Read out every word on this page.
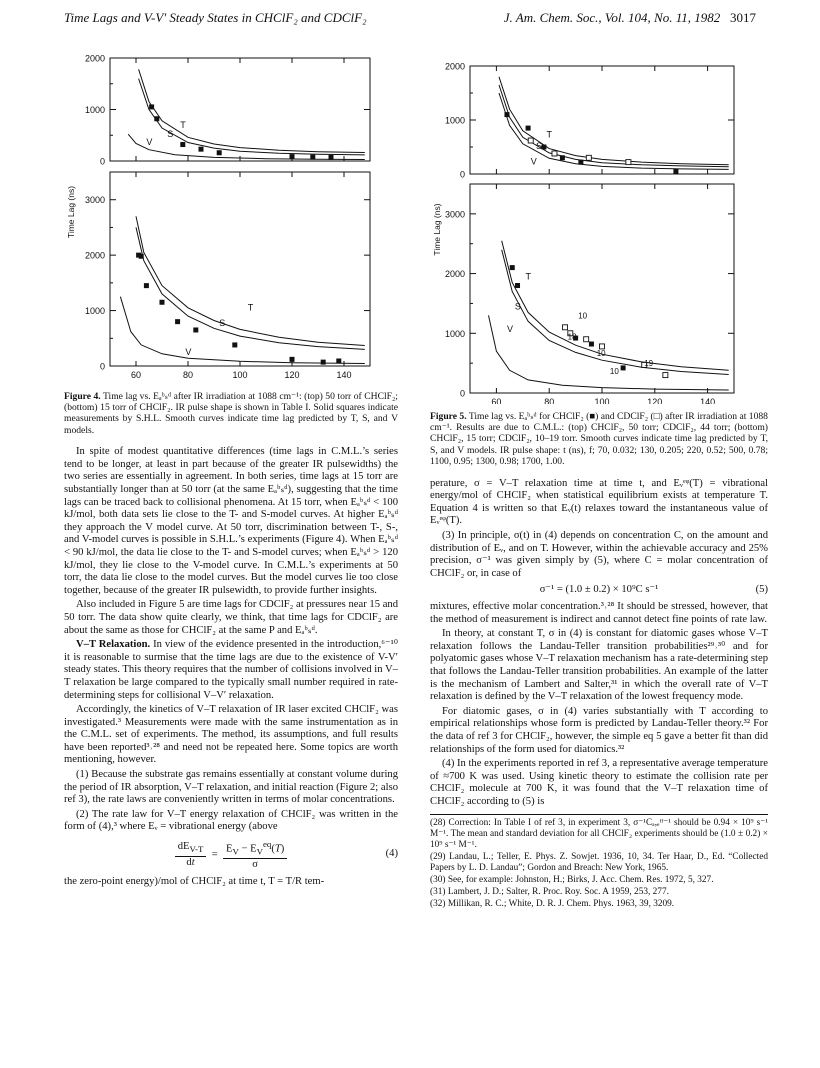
Time Lags and V-V′ Steady States in CHClF₂ and CDClF₂	J. Am. Chem. Soc., Vol. 104, No. 11, 1982 3017
2000
1000
0
T
S
V
3000
2000
1000
0
T
S
V
60	80	100	120	140
Time Lag (ns)
Figure 4. Time lag vs. Eₐᵇₛᵈ after IR irradiation at 1088 cm⁻¹: (top) 50 torr of CHClF₂; (bottom) 15 torr of CHClF₂. IR pulse shape is shown in Table I. Solid squares indicate measurements by S.H.L. Smooth curves indicate time lag predicted by T, S, and V models.

In spite of modest quantitative differences (time lags in C.M.L.’s series tend to be longer, at least in part because of the greater IR pulsewidths) the two series are essentially in agreement. In both series, time lags at 15 torr are substantially longer than at 50 torr (at the same Eₐᵇₛᵈ), suggesting that the time lags can be traced back to collisional phenomena. At 15 torr, when Eₐᵇₛᵈ < 100 kJ/mol, both data sets lie close to the T- and S-model curves. At higher Eₐᵇₛᵈ they approach the V model curve. At 50 torr, discrimination between T-, S-, and V-model curves is possible in S.H.L.’s experiments (Figure 4). When Eₐᵇₛᵈ < 90 kJ/mol, the data lie close to the T- and S-model curves; when Eₐᵇₛᵈ > 120 kJ/mol, they lie close to the V-model curve. In C.M.L.’s experiments at 50 torr, the data lie close to the model curves. But the model curves lie too close together, because of the greater IR pulsewidth, to provide further insights.

Also included in Figure 5 are time lags for CDClF₂ at pressures near 15 and 50 torr. The data show quite clearly, we think, that time lags for CDClF₂ are about the same as those for CHClF₂ at the same P and Eₐᵇₛᵈ.

V–T Relaxation. In view of the evidence presented in the introduction,⁶⁻¹⁰ it is reasonable to surmise that the time lags are due to the existence of V-V′ steady states. This theory requires that the number of collisions involved in V–T relaxation be large compared to the typically small number required in rate-determining steps for collisional V–V′ relaxation.

Accordingly, the kinetics of V–T relaxation of IR laser excited CHClF₂ was investigated.³ Measurements were made with the same instrumentation as in the C.M.L. set of experiments. The method, its assumptions, and full results have been reported³˒²⁸ and need not be repeated here. Some topics are worth mentioning, however.

(1) Because the substrate gas remains essentially at constant volume during the period of IR absorption, V–T relaxation, and initial reaction (Figure 2; also ref 3), the rate laws are conveniently written in terms of molar concentrations.

(2) The rate law for V–T energy relaxation of CHClF₂ was written in the form of (4),³ where Eᵥ = vibrational energy (above

$\frac{dE_{V-T}}{dt} = \frac{E_V - E_V^{eq}(T)}{\sigma}$	(4)

the zero-point energy)/mol of CHClF₂ at time t, T = T/R tem-

2000
1000
0
T
S
V
3000
2000
1000
0
T
S
V
10
18
10
10
19
60	80	100	120	140
Time Lag (ns)
Figure 5. Time lag vs. Eₐᵇₛᵈ for CHClF₂ (■) and CDClF₂ (□) after IR irradiation at 1088 cm⁻¹. Results are due to C.M.L.: (top) CHClF₂, 50 torr; CDClF₂, 44 torr; (bottom) CHClF₂, 15 torr; CDClF₂, 10–19 torr. Smooth curves indicate time lag predicted by T, S, and V models. IR pulse shape: t (ns), f; 70, 0.032; 130, 0.205; 220, 0.52; 500, 0.78; 1100, 0.95; 1300, 0.98; 1700, 1.00.

perature, σ = V–T relaxation time at time t, and Eᵥᵉᵠ(T) = vibrational energy/mol of CHClF₂ when statistical equilibrium exists at temperature T. Equation 4 is written so that Eᵥ(t) relaxes toward the instantaneous value of Eᵥᵉᵠ(T).

(3) In principle, σ(t) in (4) depends on concentration C, on the amount and distribution of Eᵥ, and on T. However, within the achievable accuracy and 25% precision, σ⁻¹ was given simply by (5), where C = molar concentration of CHClF₂ or, in case of

σ⁻¹ = (1.0 ± 0.2) × 10⁹C s⁻¹	(5)

mixtures, effective molar concentration.³˒²⁸ It should be stressed, however, that the method of measurement is indirect and cannot detect fine points of rate law.

In theory, at constant T, σ in (4) is constant for diatomic gases whose V–T relaxation follows the Landau-Teller transition probabilities²⁹˒³⁰ and for polyatomic gases whose V–T relaxation mechanism has a rate-determining step that follows the Landau-Teller transition probabilities. An example of the latter is the mechanism of Lambert and Salter,³¹ in which the overall rate of V–T relaxation is defined by the V–T relaxation of the lowest frequency mode.

For diatomic gases, σ in (4) varies substantially with T according to empirical relationships whose form is predicted by Landau-Teller theory.³² For the data of ref 3 for CHClF₂, however, the simple eq 5 gave a better fit than did relationships of the form used for diatomics.³²

(4) In the experiments reported in ref 3, a representative average temperature of ≈700 K was used. Using kinetic theory to estimate the collision rate per CHClF₂ molecule at 700 K, it was found that the V–T relaxation time of CHClF₂ according to (5) is

(28) Correction: In Table I of ref 3, in experiment 3, σ⁻¹Cₐ,ₑᶠᶠ⁻¹ should be 0.94 × 10⁹ s⁻¹ M⁻¹. The mean and standard deviation for all CHClF₂ experiments should be (1.0 ± 0.2) × 10⁹ s⁻¹ M⁻¹.
(29) Landau, L.; Teller, E. Phys. Z. Sowjet. 1936, 10, 34. Ter Haar, D., Ed. “Collected Papers by L. D. Landau”; Gordon and Breach: New York, 1965.
(30) See, for example: Johnston, H.; Birks, J. Acc. Chem. Res. 1972, 5, 327.
(31) Lambert, J. D.; Salter, R. Proc. Roy. Soc. A 1959, 253, 277.
(32) Millikan, R. C.; White, D. R. J. Chem. Phys. 1963, 39, 3209.
